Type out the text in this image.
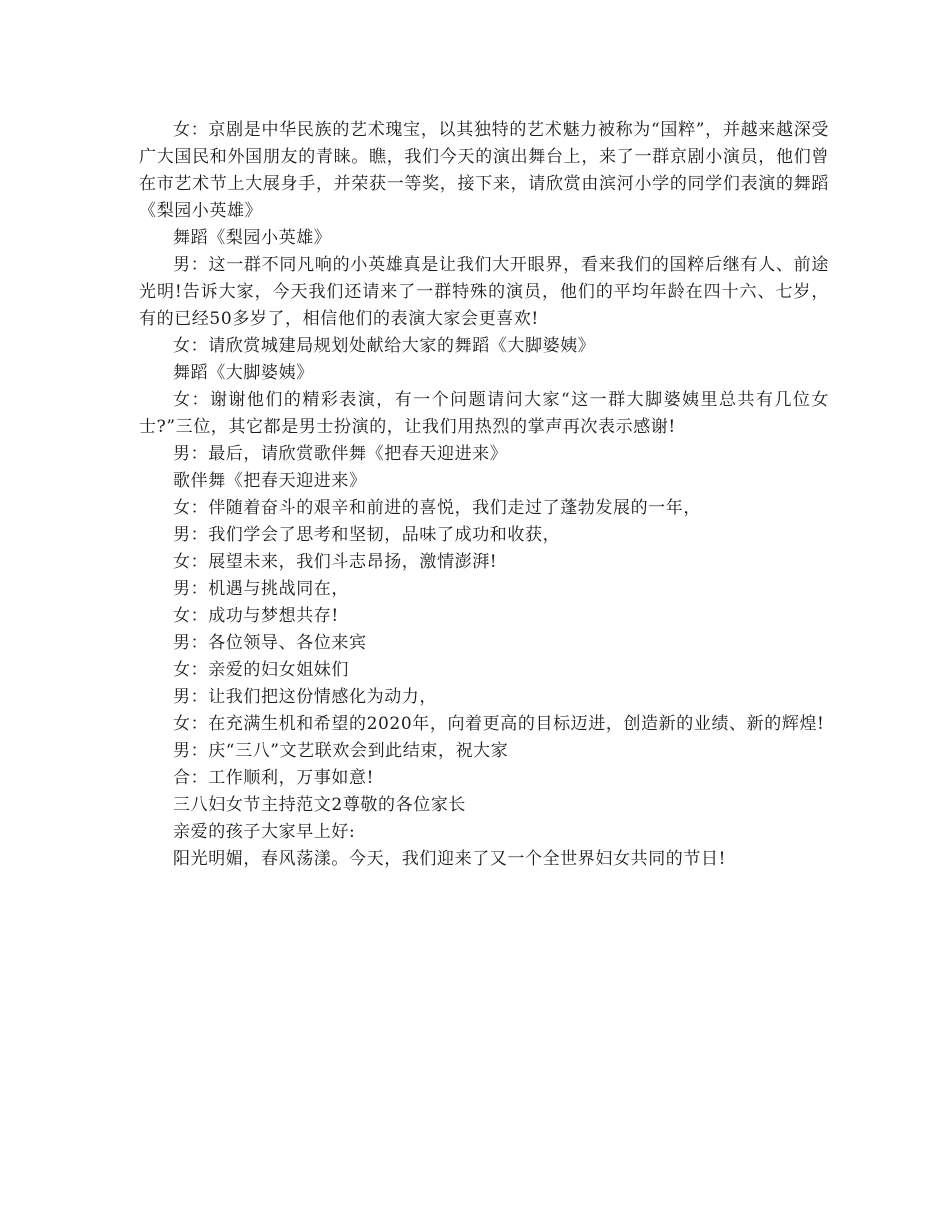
女：京剧是中华民族的艺术瑰宝，以其独特的艺术魅力被称为“国粹”，并越来越深受广大国民和外国朋友的青睐。瞧，我们今天的演出舞台上，来了一群京剧小演员，他们曾在市艺术节上大展身手，并荣获一等奖，接下来，请欣赏由滨河小学的同学们表演的舞蹈《梨园小英雄》

舞蹈《梨园小英雄》

男：这一群不同凡响的小英雄真是让我们大开眼界，看来我们的国粹后继有人、前途光明!告诉大家，今天我们还请来了一群特殊的演员，他们的平均年龄在四十六、七岁，有的已经50多岁了，相信他们的表演大家会更喜欢!

女：请欣赏城建局规划处献给大家的舞蹈《大脚婆姨》

舞蹈《大脚婆姨》

女：谢谢他们的精彩表演，有一个问题请问大家“这一群大脚婆姨里总共有几位女士?”三位，其它都是男士扮演的，让我们用热烈的掌声再次表示感谢!

男：最后，请欣赏歌伴舞《把春天迎进来》

歌伴舞《把春天迎进来》

女：伴随着奋斗的艰辛和前进的喜悦，我们走过了蓬勃发展的一年，

男：我们学会了思考和坚韧，品味了成功和收获，

女：展望未来，我们斗志昂扬，激情澎湃!

男：机遇与挑战同在，

女：成功与梦想共存!

男：各位领导、各位来宾

女：亲爱的妇女姐妹们

男：让我们把这份情感化为动力，

女：在充满生机和希望的2020年，向着更高的目标迈进，创造新的业绩、新的辉煌!

男：庆“三八”文艺联欢会到此结束，祝大家

合：工作顺利，万事如意!

三八妇女节主持范文2尊敬的各位家长

亲爱的孩子大家早上好:

阳光明媚，春风荡漾。今天，我们迎来了又一个全世界妇女共同的节日!
